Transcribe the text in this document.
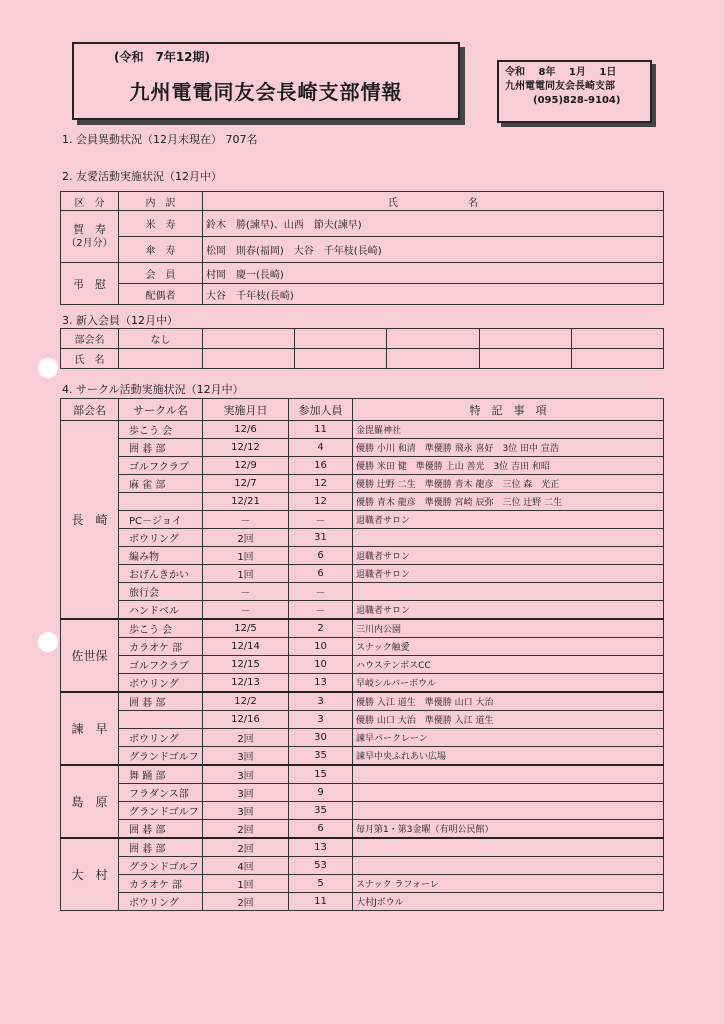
(令和　7年12期)
九州電電同友会長崎支部情報
令和　 8年　 1月　 1日
九州電電同友会長崎支部
(095)828-9104)
1. 会員異動状況（12月末現在） 707名
2. 友愛活動実施状況（12月中）
区　分	内　訳	氏　　　　　　　名

賀　寿
（2月分）	米　寿	鈴木　勝(諫早)、山西　節夫(諫早)
	傘　寿	松岡　則春(福岡)　大谷　千年枝(長崎)
弔　慰	会　員	村岡　慶一(長崎)
	配偶者	大谷　千年枝(長崎)
3. 新入会員（12月中）
部会名	なし					
氏　名						
4. サークル活動実施状況（12月中）
部会名	サークル名	実施月日	参加人員	特　記　事　項
長　崎	歩こう 会	12/6	11	金毘羅神社
	囲 碁 部	12/12	4	優勝 小川 和清　準優勝 飛永 喜好　3位 田中 宣浩
	ゴルフクラブ	12/9	16	優勝 米田 健　準優勝 上山 善光　3位 吉田 和昭
	麻 雀 部	12/7	12	優勝 辻野 二生　準優勝 青木 龍彦　三位 森　光正
		12/21	12	優勝 青木 龍彦　準優勝 宮崎 辰弥　三位 辻野 二生
	PC－ジョイ	－	－	退職者サロン
	ボウリング	2回	31	
	編み物	1回	6	退職者サロン
	おげんきかい	1回	6	退職者サロン
	旅行会	－	－	
	ハンドベル	－	－	退職者サロン
佐世保	歩こう 会	12/5	2	三川内公園
	カラオケ 部	12/14	10	スナック触愛
	ゴルフクラブ	12/15	10	ハウステンボスCC
	ボウリング	12/13	13	早岐シルバーボウル
諫　早	囲 碁 部	12/2	3	優勝 入江 道生　準優勝 山口 大治
		12/16	3	優勝 山口 大治　準優勝 入江 道生
	ボウリング	2回	30	諫早パークレーン
	グランドゴルフ	3回	35	諫早中央ふれあい広場
島　原	舞 踊 部	3回	15	
	フラダンス部	3回	9	
	グランドゴルフ	3回	35	
	囲 碁 部	2回	6	毎月第1・第3金曜（有明公民館）
大　村	囲 碁 部	2回	13	
	グランドゴルフ	4回	53	
	カラオケ 部	1回	5	スナック ラフォーレ
	ボウリング	2回	11	大村Jボウル
